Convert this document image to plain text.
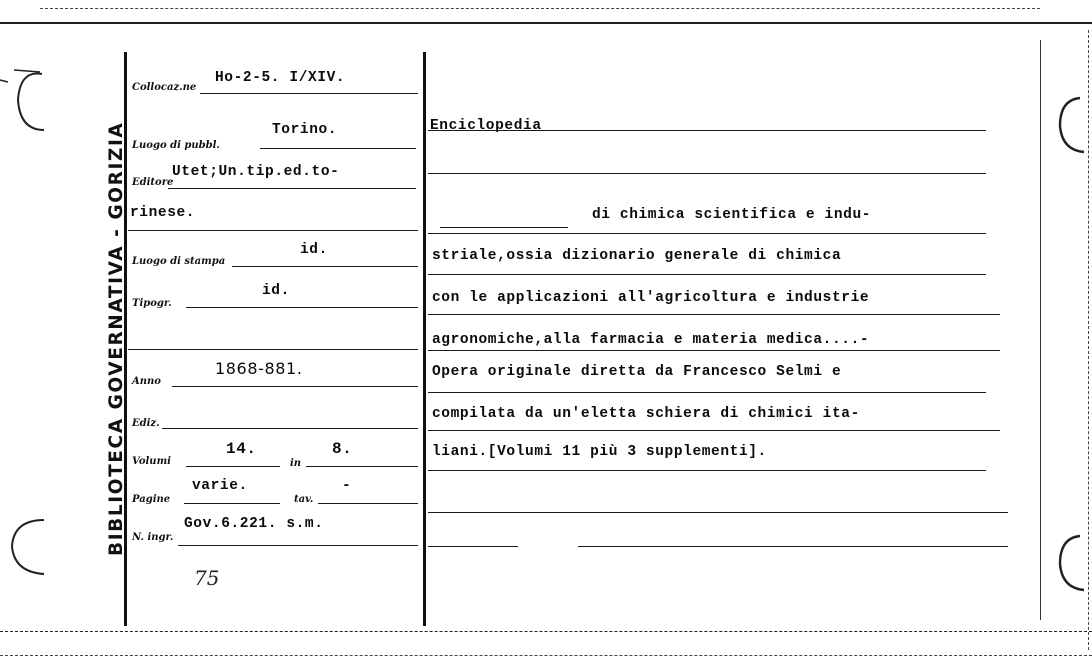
BIBLIOTECA GOVERNATIVA - GORIZIA
Collocaz.ne
Ho-2-5. I/XIV.
Luogo di pubbl.
Torino.
Editore
Utet;Un.tip.ed.to-
rinese.
Luogo di stampa
id.
Tipogr.
id.
Anno
1868-881.
Ediz.
Volumi
14.
in
8.
Pagine
varie.
tav.
-
N. ingr.
Gov.6.221. s.m.
75
Enciclopedia
di chimica scientifica e indu-
striale,ossia dizionario generale di chimica
con le applicazioni all'agricoltura e industrie
agronomiche,alla farmacia e materia medica....-
Opera originale diretta da Francesco Selmi e
compilata da un'eletta schiera di chimici ita-
liani.[Volumi 11 più 3 supplementi].
